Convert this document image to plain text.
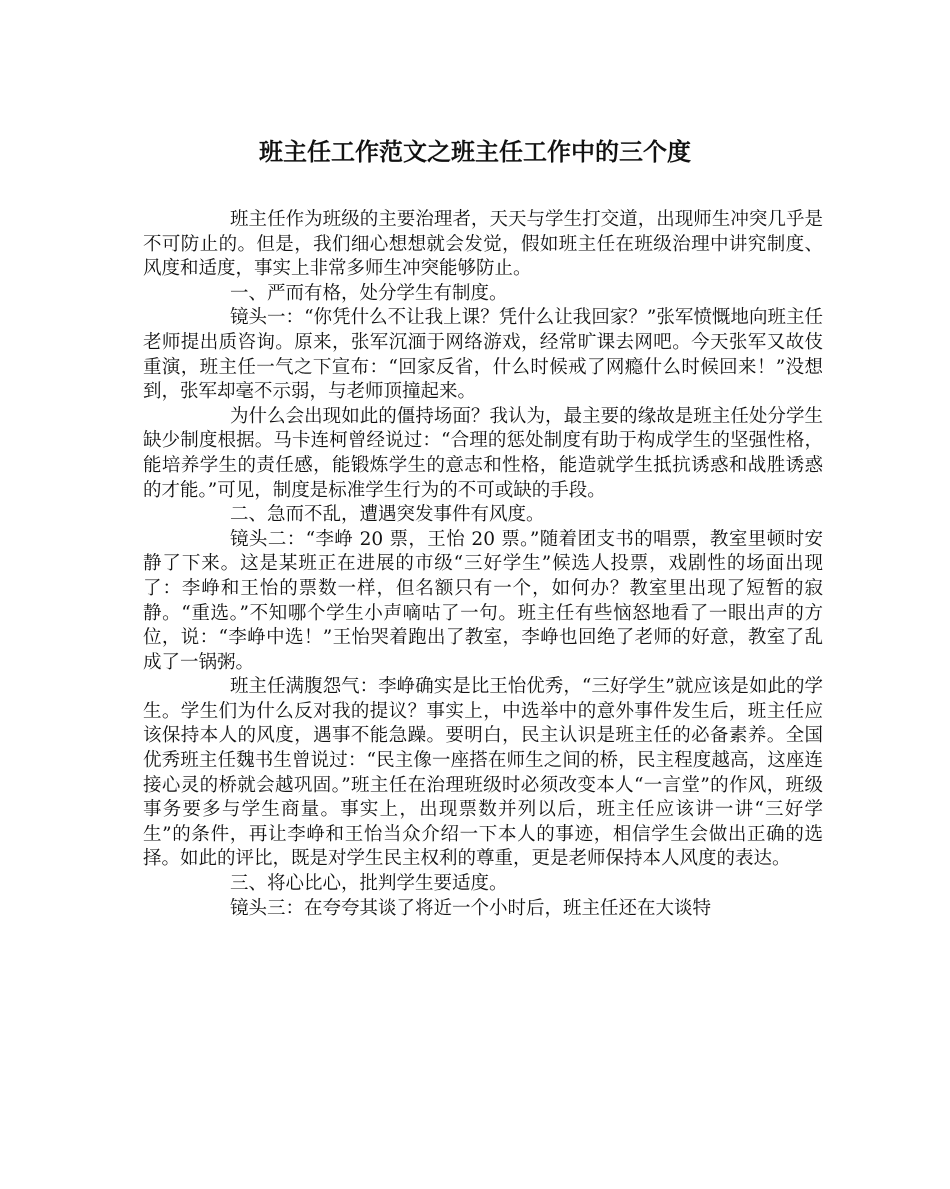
班主任工作范文之班主任工作中的三个度

班主任作为班级的主要治理者，天天与学生打交道，出现师生冲突几乎是不可防止的。但是，我们细心想想就会发觉，假如班主任在班级治理中讲究制度、风度和适度，事实上非常多师生冲突能够防止。

一、严而有格，处分学生有制度。

镜头一：“你凭什么不让我上课？凭什么让我回家？”张军愤慨地向班主任老师提出质咨询。原来，张军沉湎于网络游戏，经常旷课去网吧。今天张军又故伎重演，班主任一气之下宣布：“回家反省，什么时候戒了网瘾什么时候回来！”没想到，张军却毫不示弱，与老师顶撞起来。

为什么会出现如此的僵持场面？我认为，最主要的缘故是班主任处分学生缺少制度根据。马卡连柯曾经说过：“合理的惩处制度有助于构成学生的坚强性格，能培养学生的责任感，能锻炼学生的意志和性格，能造就学生抵抗诱惑和战胜诱惑的才能。”可见，制度是标准学生行为的不可或缺的手段。

二、急而不乱，遭遇突发事件有风度。

镜头二：“李峥 20 票，王怡 20 票。”随着团支书的唱票，教室里顿时安静了下来。这是某班正在进展的市级“三好学生”候选人投票，戏剧性的场面出现了：李峥和王怡的票数一样，但名额只有一个，如何办？教室里出现了短暂的寂静。“重选。”不知哪个学生小声嘀咕了一句。班主任有些恼怒地看了一眼出声的方位，说：“李峥中选！”王怡哭着跑出了教室，李峥也回绝了老师的好意，教室了乱成了一锅粥。

班主任满腹怨气：李峥确实是比王怡优秀，“三好学生”就应该是如此的学生。学生们为什么反对我的提议？事实上，中选举中的意外事件发生后，班主任应该保持本人的风度，遇事不能急躁。要明白，民主认识是班主任的必备素养。全国优秀班主任魏书生曾说过：“民主像一座搭在师生之间的桥，民主程度越高，这座连接心灵的桥就会越巩固。”班主任在治理班级时必须改变本人“一言堂”的作风，班级事务要多与学生商量。事实上，出现票数并列以后，班主任应该讲一讲“三好学生”的条件，再让李峥和王怡当众介绍一下本人的事迹，相信学生会做出正确的选择。如此的评比，既是对学生民主权利的尊重，更是老师保持本人风度的表达。

三、将心比心，批判学生要适度。

镜头三：在夸夸其谈了将近一个小时后，班主任还在大谈特
